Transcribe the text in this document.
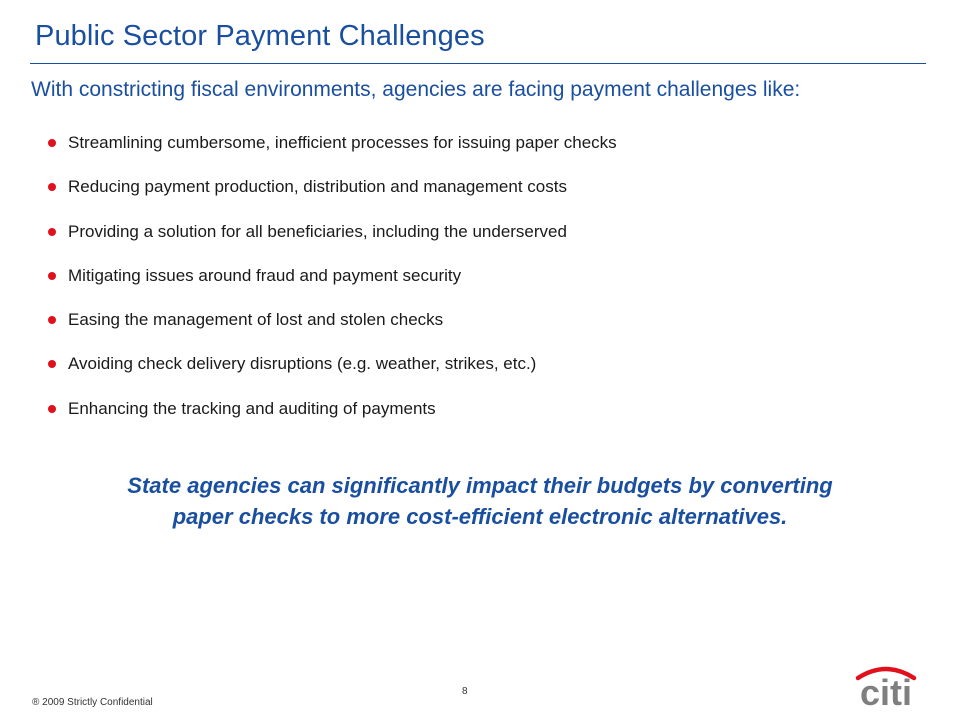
Public Sector Payment Challenges
With constricting fiscal environments, agencies are facing payment challenges like:
Streamlining cumbersome, inefficient processes for issuing paper checks
Reducing payment production, distribution and management costs
Providing a solution for all beneficiaries, including the underserved
Mitigating issues around fraud and payment security
Easing the management of lost and stolen checks
Avoiding check delivery disruptions (e.g. weather, strikes, etc.)
Enhancing the tracking and auditing of payments
State agencies can significantly impact their budgets by converting
paper checks to more cost-efficient electronic alternatives.
8
® 2009 Strictly Confidential	citi
